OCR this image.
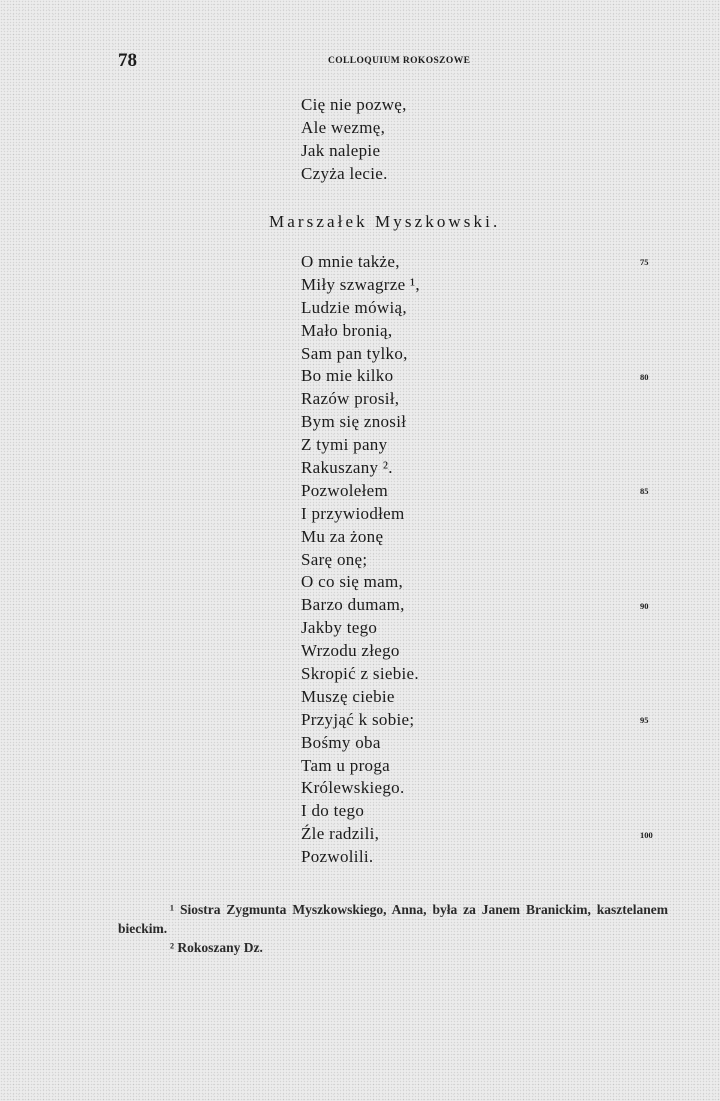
78	COLLOQUIUM ROKOSZOWE
Cię nie pozwę,
Ale wezmę,
Jak nalepie
Czyża lecie.
Marszałek Myszkowski.
O mnie także,
Miły szwagrze ¹,
Ludzie mówią,
Mało bronią,
Sam pan tylko,
Bo mie kilko
Razów prosił,
Bym się znosił
Z tymi pany
Rakuszany ².
Pozwolełem
I przywiodłem
Mu za żonę
Sarę onę;
O co się mam,
Barzo dumam,
Jakby tego
Wrzodu złego
Skropić z siebie.
Muszę ciebie
Przyjąć k sobie;
Bośmy oba
Tam u proga
Królewskiego.
I do tego
Źle radzili,
Pozwolili.
75
80
85
90
95
100
¹ Siostra Zygmunta Myszkowskiego, Anna, była za Janem Branickim, kasztelanem bieckim.
² Rokoszany Dz.
